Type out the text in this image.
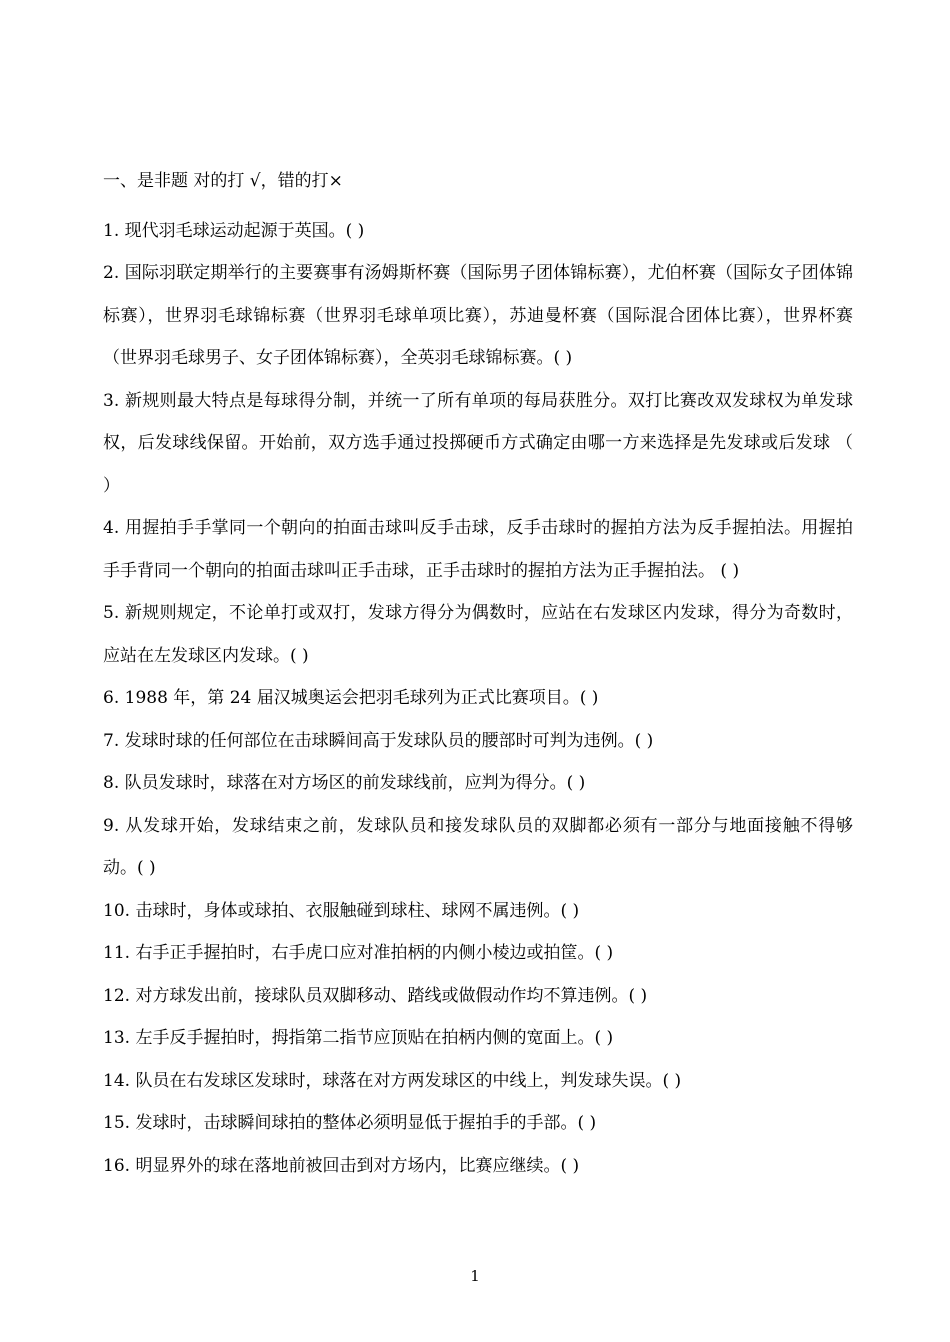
一、是非题 对的打 √，错的打×
1. 现代羽毛球运动起源于英国。( )
2. 国际羽联定期举行的主要赛事有汤姆斯杯赛（国际男子团体锦标赛），尤伯杯赛（国际女子团体锦标赛），世界羽毛球锦标赛（世界羽毛球单项比赛），苏迪曼杯赛（国际混合团体比赛），世界杯赛（世界羽毛球男子、女子团体锦标赛），全英羽毛球锦标赛。( )
3. 新规则最大特点是每球得分制，并统一了所有单项的每局获胜分。双打比赛改双发球权为单发球权，后发球线保留。开始前，双方选手通过投掷硬币方式确定由哪一方来选择是先发球或后发球 （ ）
4. 用握拍手手掌同一个朝向的拍面击球叫反手击球，反手击球时的握拍方法为反手握拍法。用握拍手手背同一个朝向的拍面击球叫正手击球，正手击球时的握拍方法为正手握拍法。 ( )
5. 新规则规定，不论单打或双打，发球方得分为偶数时，应站在右发球区内发球，得分为奇数时，应站在左发球区内发球。( )
6. 1988 年，第 24 届汉城奥运会把羽毛球列为正式比赛项目。( )
7. 发球时球的任何部位在击球瞬间高于发球队员的腰部时可判为违例。( )
8. 队员发球时，球落在对方场区的前发球线前，应判为得分。( )
9. 从发球开始，发球结束之前，发球队员和接发球队员的双脚都必须有一部分与地面接触不得够动。( )
10. 击球时，身体或球拍、衣服触碰到球柱、球网不属违例。( )
11. 右手正手握拍时，右手虎口应对准拍柄的内侧小棱边或拍筐。( )
12. 对方球发出前，接球队员双脚移动、踏线或做假动作均不算违例。( )
13. 左手反手握拍时，拇指第二指节应顶贴在拍柄内侧的宽面上。( )
14. 队员在右发球区发球时，球落在对方两发球区的中线上，判发球失误。( )
15. 发球时，击球瞬间球拍的整体必须明显低于握拍手的手部。( )
16. 明显界外的球在落地前被回击到对方场内，比赛应继续。( )
1
